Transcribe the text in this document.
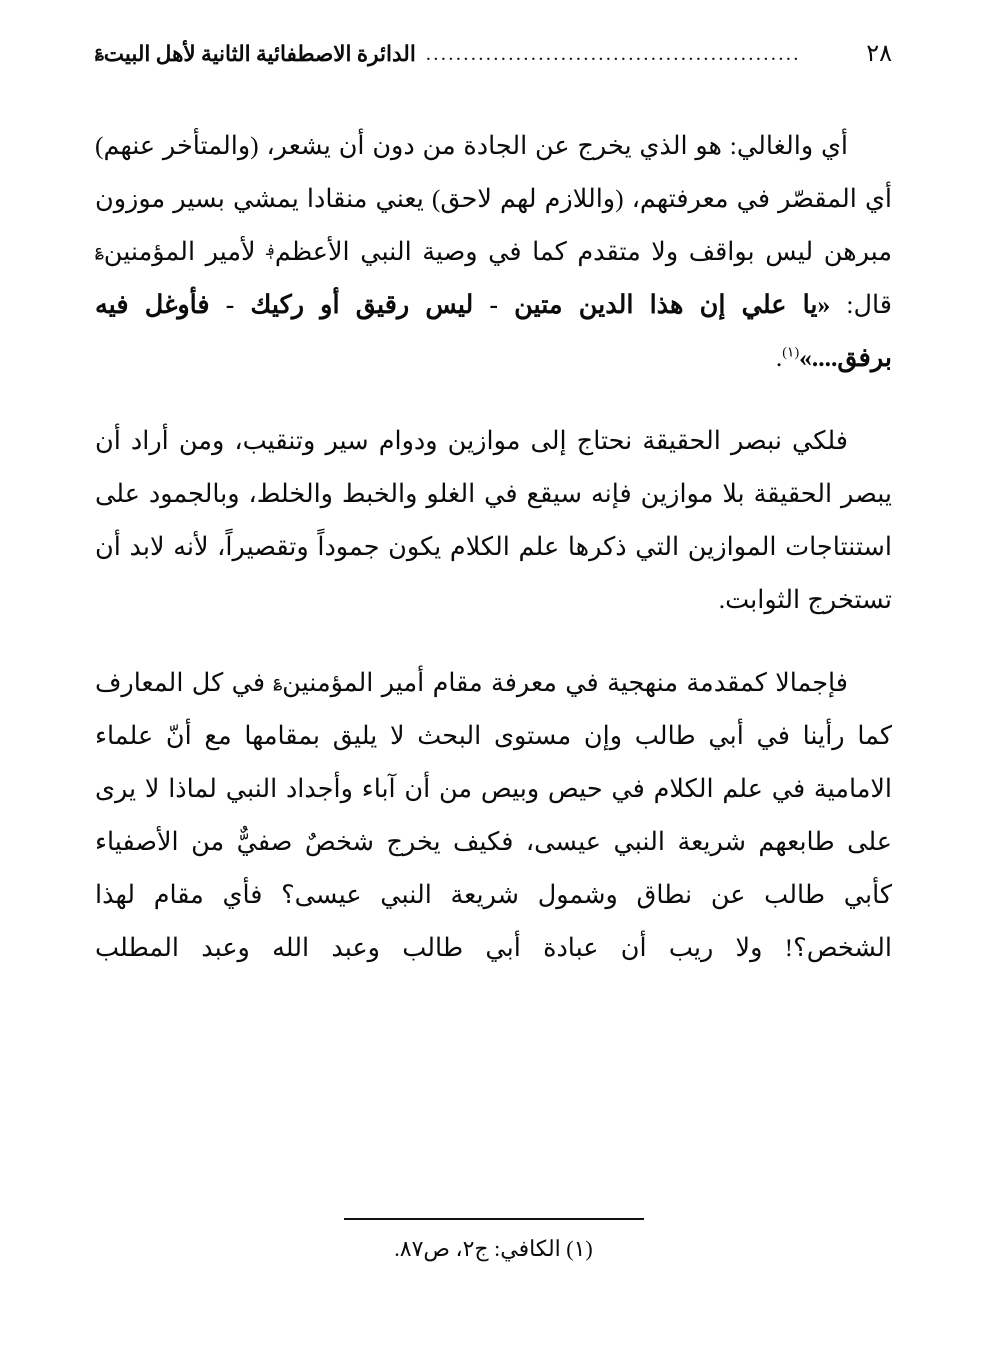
٢٨
..................................................
الدائرة الاصطفائية الثانية لأهل البيت؏

أي والغالي: هو الذي يخرج عن الجادة من دون أن يشعر، (والمتأخر عنهم) أي المقصّر في معرفتهم، (واللازم لهم لاحق) يعني منقادا يمشي بسير موزون مبرهن ليس بواقف ولا متقدم كما في وصية النبي الأعظم؋ لأمير المؤمنين؏ قال: «يا علي إن هذا الدين متين - ليس رقيق أو ركيك - فأوغل فيه برفق....»$^{(١)}$.

فلكي نبصر الحقيقة نحتاج إلى موازين ودوام سير وتنقيب، ومن أراد أن يبصر الحقيقة بلا موازين فإنه سيقع في الغلو والخبط والخلط، وبالجمود على استنتاجات الموازين التي ذكرها علم الكلام يكون جموداً وتقصيراً، لأنه لابد أن تستخرج الثوابت.

فإجمالا كمقدمة منهجية في معرفة مقام أمير المؤمنين؏ في كل المعارف كما رأينا في أبي طالب وإن مستوى البحث لا يليق بمقامها مع أنّ علماء الامامية في علم الكلام في حيص وبيص من أن آباء وأجداد النبي لماذا لا يرى على طابعهم شريعة النبي عيسى، فكيف يخرج شخصٌ صفيٌّ من الأصفياء كأبي طالب عن نطاق وشمول شريعة النبي عيسى؟ فأي مقام لهذا الشخص؟! ولا ريب أن عبادة أبي طالب وعبد الله وعبد المطلب

(١) الكافي: ج٢، ص٨٧.
